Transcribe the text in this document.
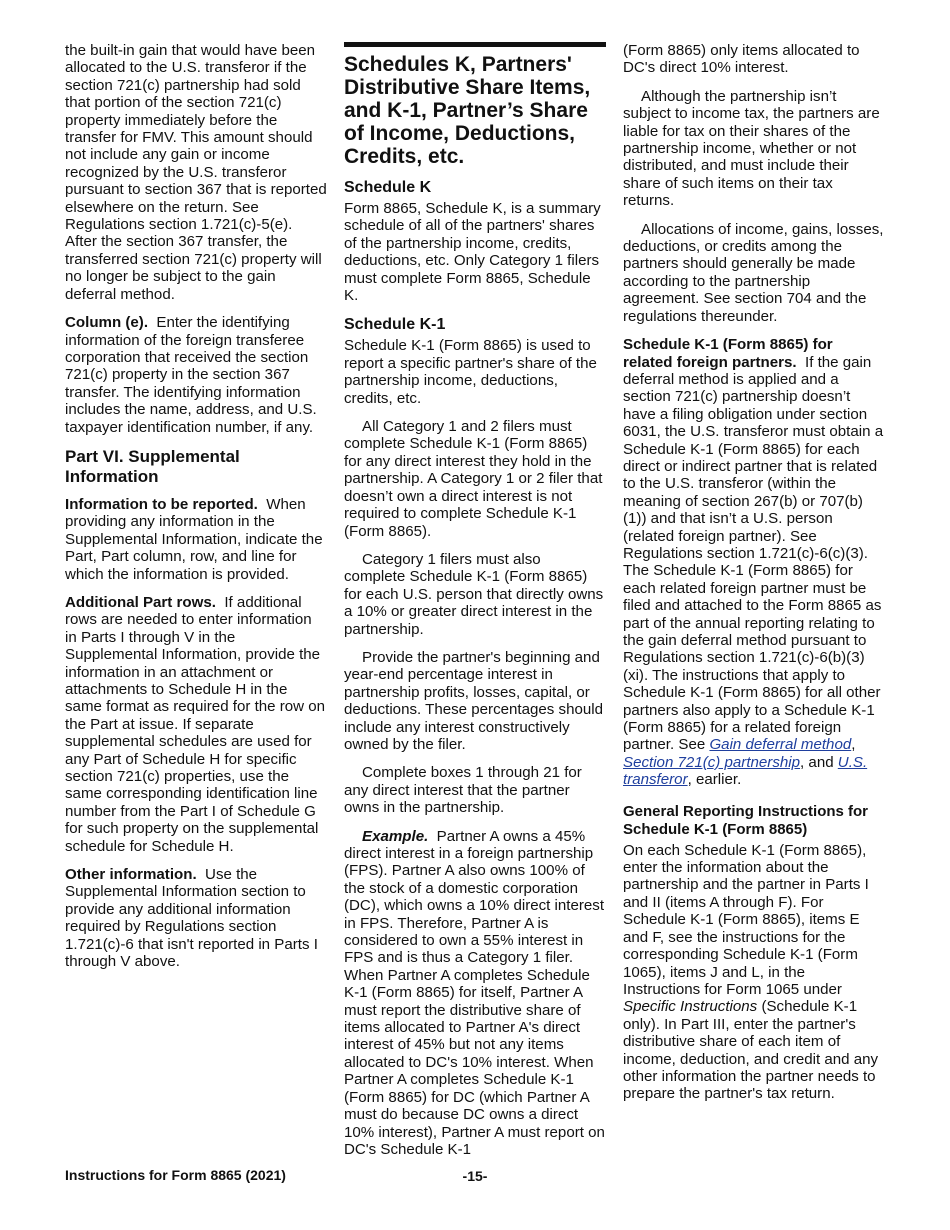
the built-in gain that would have been allocated to the U.S. transferor if the section 721(c) partnership had sold that portion of the section 721(c) property immediately before the transfer for FMV. This amount should not include any gain or income recognized by the U.S. transferor pursuant to section 367 that is reported elsewhere on the return. See Regulations section 1.721(c)-5(e). After the section 367 transfer, the transferred section 721(c) property will no longer be subject to the gain deferral method.

Column (e). Enter the identifying information of the foreign transferee corporation that received the section 721(c) property in the section 367 transfer. The identifying information includes the name, address, and U.S. taxpayer identification number, if any.

Part VI. Supplemental Information

Information to be reported. When providing any information in the Supplemental Information, indicate the Part, Part column, row, and line for which the information is provided.

Additional Part rows. If additional rows are needed to enter information in Parts I through V in the Supplemental Information, provide the information in an attachment or attachments to Schedule H in the same format as required for the row on the Part at issue. If separate supplemental schedules are used for any Part of Schedule H for specific section 721(c) properties, use the same corresponding identification line number from the Part I of Schedule G for such property on the supplemental schedule for Schedule H.

Other information. Use the Supplemental Information section to provide any additional information required by Regulations section 1.721(c)-6 that isn't reported in Parts I through V above.

Schedules K, Partners' Distributive Share Items, and K-1, Partner’s Share of Income, Deductions, Credits, etc.
Schedule K

Form 8865, Schedule K, is a summary schedule of all of the partners' shares of the partnership income, credits, deductions, etc. Only Category 1 filers must complete Form 8865, Schedule K.

Schedule K-1

Schedule K-1 (Form 8865) is used to report a specific partner's share of the partnership income, deductions, credits, etc.

All Category 1 and 2 filers must complete Schedule K-1 (Form 8865) for any direct interest they hold in the partnership. A Category 1 or 2 filer that doesn’t own a direct interest is not required to complete Schedule K-1 (Form 8865).

Category 1 filers must also complete Schedule K-1 (Form 8865) for each U.S. person that directly owns a 10% or greater direct interest in the partnership.

Provide the partner's beginning and year-end percentage interest in partnership profits, losses, capital, or deductions. These percentages should include any interest constructively owned by the filer.

Complete boxes 1 through 21 for any direct interest that the partner owns in the partnership.

Example. Partner A owns a 45% direct interest in a foreign partnership (FPS). Partner A also owns 100% of the stock of a domestic corporation (DC), which owns a 10% direct interest in FPS. Therefore, Partner A is considered to own a 55% interest in FPS and is thus a Category 1 filer. When Partner A completes Schedule K-1 (Form 8865) for itself, Partner A must report the distributive share of items allocated to Partner A's direct interest of 45% but not any items allocated to DC's 10% interest. When Partner A completes Schedule K-1 (Form 8865) for DC (which Partner A must do because DC owns a direct 10% interest), Partner A must report on DC's Schedule K-1

(Form 8865) only items allocated to DC's direct 10% interest.

Although the partnership isn’t subject to income tax, the partners are liable for tax on their shares of the partnership income, whether or not distributed, and must include their share of such items on their tax returns.

Allocations of income, gains, losses, deductions, or credits among the partners should generally be made according to the partnership agreement. See section 704 and the regulations thereunder.

Schedule K-1 (Form 8865) for related foreign partners. If the gain deferral method is applied and a section 721(c) partnership doesn’t have a filing obligation under section 6031, the U.S. transferor must obtain a Schedule K-1 (Form 8865) for each direct or indirect partner that is related to the U.S. transferor (within the meaning of section 267(b) or 707(b)(1)) and that isn’t a U.S. person (related foreign partner). See Regulations section 1.721(c)-6(c)(3). The Schedule K-1 (Form 8865) for each related foreign partner must be filed and attached to the Form 8865 as part of the annual reporting relating to the gain deferral method pursuant to Regulations section 1.721(c)-6(b)(3)(xi). The instructions that apply to Schedule K-1 (Form 8865) for all other partners also apply to a Schedule K-1 (Form 8865) for a related foreign partner. See Gain deferral method, Section 721(c) partnership, and U.S. transferor, earlier.

General Reporting Instructions for Schedule K-1 (Form 8865)

On each Schedule K-1 (Form 8865), enter the information about the partnership and the partner in Parts I and II (items A through F). For Schedule K-1 (Form 8865), items E and F, see the instructions for the corresponding Schedule K-1 (Form 1065), items J and L, in the Instructions for Form 1065 under Specific Instructions (Schedule K-1 only). In Part III, enter the partner's distributive share of each item of income, deduction, and credit and any other information the partner needs to prepare the partner's tax return.

Instructions for Form 8865 (2021)	-15-
